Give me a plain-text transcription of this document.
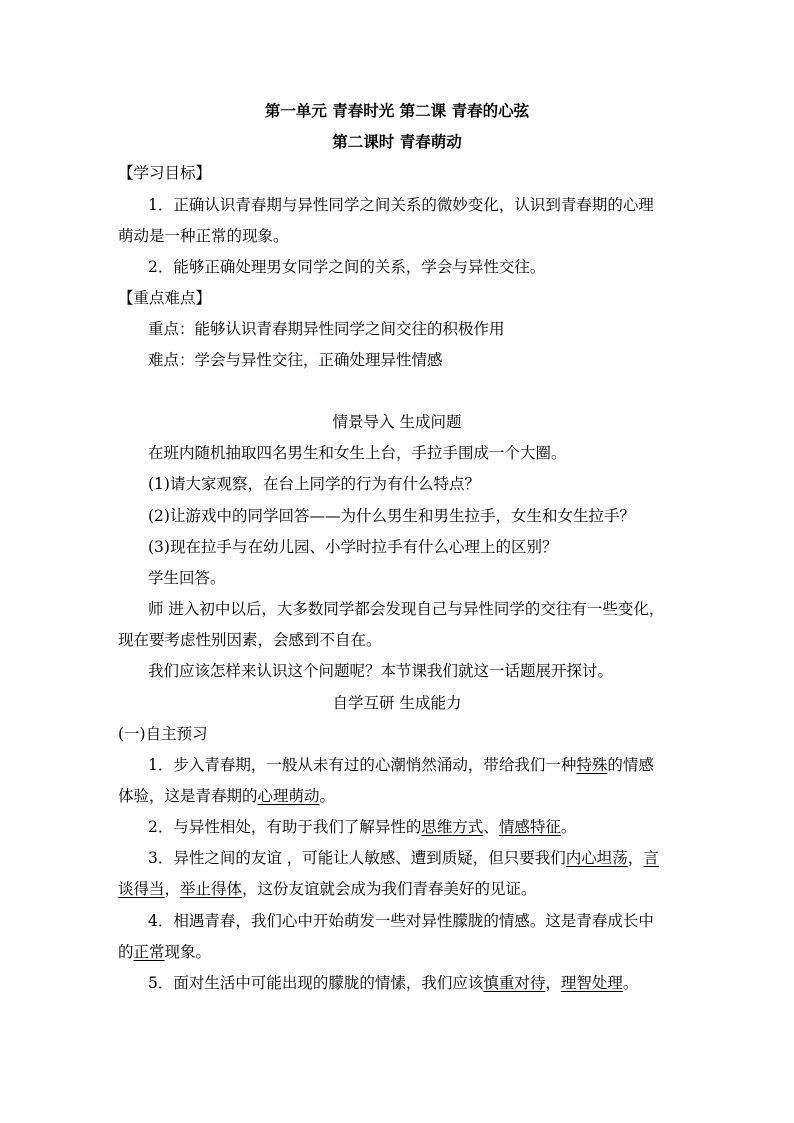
第一单元 青春时光 第二课 青春的心弦
第二课时 青春萌动
【学习目标】
1．正确认识青春期与异性同学之间关系的微妙变化，认识到青春期的心理
萌动是一种正常的现象。
2．能够正确处理男女同学之间的关系，学会与异性交往。
【重点难点】
重点：能够认识青春期异性同学之间交往的积极作用
难点：学会与异性交往，正确处理异性情感
情景导入 生成问题
在班内随机抽取四名男生和女生上台，手拉手围成一个大圈。
(1)请大家观察，在台上同学的行为有什么特点？
(2)让游戏中的同学回答——为什么男生和男生拉手，女生和女生拉手？
(3)现在拉手与在幼儿园、小学时拉手有什么心理上的区别？
学生回答。
师 进入初中以后，大多数同学都会发现自己与异性同学的交往有一些变化，
现在要考虑性别因素，会感到不自在。
我们应该怎样来认识这个问题呢？本节课我们就这一话题展开探讨。
自学互研 生成能力
(一)自主预习
1．步入青春期，一般从未有过的心潮悄然涌动，带给我们一种特殊的情感
体验，这是青春期的心理萌动。
2．与异性相处，有助于我们了解异性的思维方式、情感特征。
3．异性之间的友谊 ，可能让人敏感、遭到质疑，但只要我们内心坦荡，言
谈得当，举止得体，这份友谊就会成为我们青春美好的见证。
4．相遇青春，我们心中开始萌发一些对异性朦胧的情感。这是青春成长中
的正常现象。
5．面对生活中可能出现的朦胧的情愫，我们应该慎重对待，理智处理。
